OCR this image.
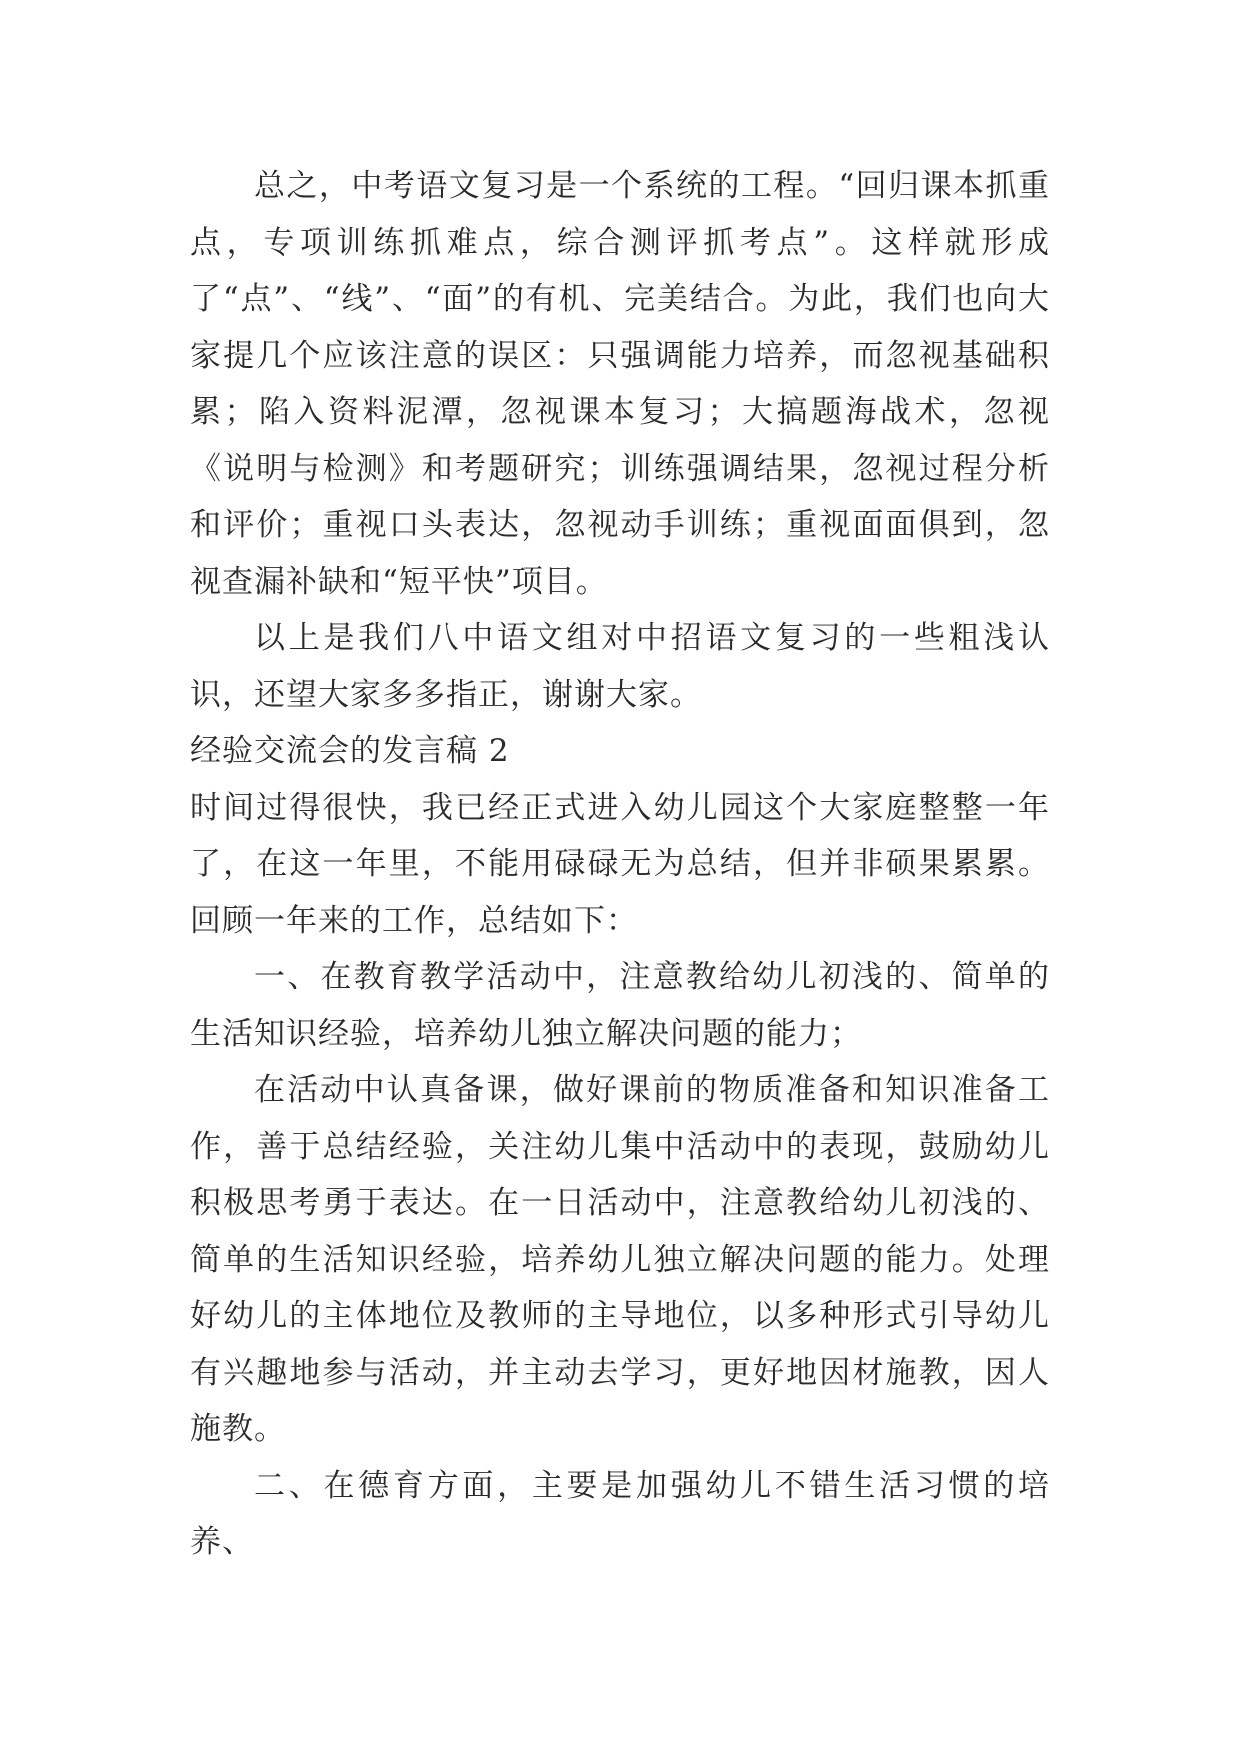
总之，中考语文复习是一个系统的工程。“回归课本抓重点，专项训练抓难点，综合测评抓考点”。这样就形成了“点”、“线”、“面”的有机、完美结合。为此，我们也向大家提几个应该注意的误区：只强调能力培养，而忽视基础积累；陷入资料泥潭，忽视课本复习；大搞题海战术，忽视《说明与检测》和考题研究；训练强调结果，忽视过程分析和评价；重视口头表达，忽视动手训练；重视面面俱到，忽视查漏补缺和“短平快”项目。

以上是我们八中语文组对中招语文复习的一些粗浅认识，还望大家多多指正，谢谢大家。

经验交流会的发言稿 2

时间过得很快，我已经正式进入幼儿园这个大家庭整整一年了，在这一年里，不能用碌碌无为总结，但并非硕果累累。回顾一年来的工作，总结如下：

一、在教育教学活动中，注意教给幼儿初浅的、简单的生活知识经验，培养幼儿独立解决问题的能力；

在活动中认真备课，做好课前的物质准备和知识准备工作，善于总结经验，关注幼儿集中活动中的表现，鼓励幼儿积极思考勇于表达。在一日活动中，注意教给幼儿初浅的、简单的生活知识经验，培养幼儿独立解决问题的能力。处理好幼儿的主体地位及教师的主导地位，以多种形式引导幼儿有兴趣地参与活动，并主动去学习，更好地因材施教，因人施教。

二、在德育方面，主要是加强幼儿不错生活习惯的培养、
